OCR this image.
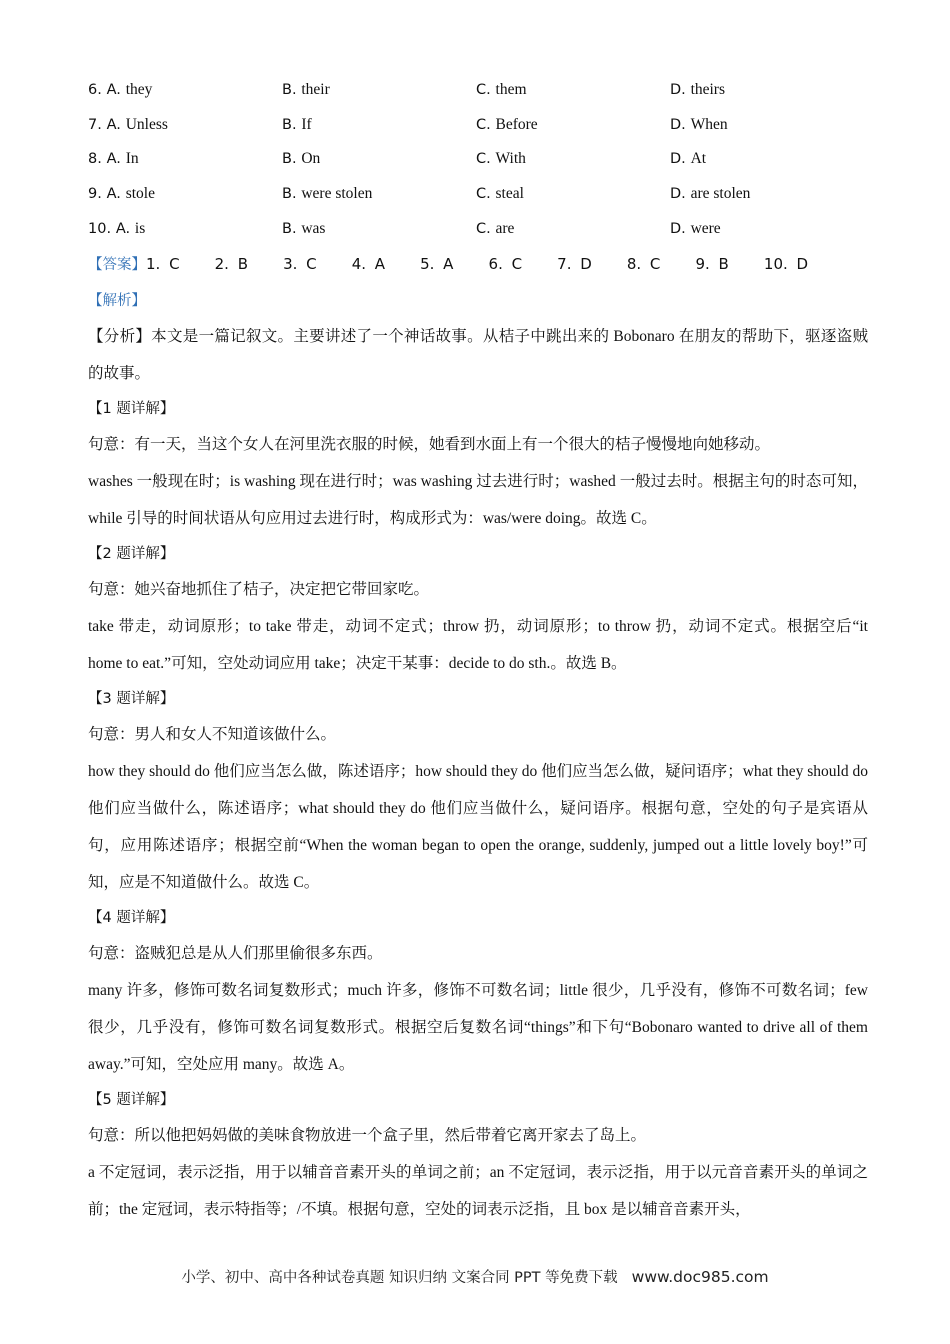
6. A. they	B. their	C. them	D. theirs
7. A. Unless	B. If	C. Before	D. When
8. A. In	B. On	C. With	D. At
9. A. stole	B. were stolen	C. steal	D. are stolen
10. A. is	B. was	C. are	D. were
【答案】 1. C    2. B    3. C    4. A    5. A    6. C    7. D    8. C    9. B    10. D
【解析】

【分析】本文是一篇记叙文。主要讲述了一个神话故事。从桔子中跳出来的 Bobonaro 在朋友的帮助下，驱逐盗贼的故事。

【1 题详解】

句意：有一天，当这个女人在河里洗衣服的时候，她看到水面上有一个很大的桔子慢慢地向她移动。

washes 一般现在时；is washing 现在进行时；was washing 过去进行时；washed 一般过去时。根据主句的时态可知，while 引导的时间状语从句应用过去进行时，构成形式为：was/were doing。故选 C。

【2 题详解】

句意：她兴奋地抓住了桔子，决定把它带回家吃。

take 带走，动词原形；to take 带走，动词不定式；throw 扔，动词原形；to throw 扔，动词不定式。根据空后“it home to eat.”可知，空处动词应用 take；决定干某事：decide to do sth.。故选 B。

【3 题详解】

句意：男人和女人不知道该做什么。

how they should do 他们应当怎么做，陈述语序；how should they do 他们应当怎么做，疑问语序；what they should do 他们应当做什么，陈述语序；what should they do 他们应当做什么，疑问语序。根据句意，空处的句子是宾语从句，应用陈述语序；根据空前“When the woman began to open the orange, suddenly, jumped out a little lovely boy!”可知，应是不知道做什么。故选 C。

【4 题详解】

句意：盗贼犯总是从人们那里偷很多东西。

many 许多，修饰可数名词复数形式；much 许多，修饰不可数名词；little 很少，几乎没有，修饰不可数名词；few 很少，几乎没有，修饰可数名词复数形式。根据空后复数名词“things”和下句“Bobonaro wanted to drive all of them away.”可知，空处应用 many。故选 A。

【5 题详解】

句意：所以他把妈妈做的美味食物放进一个盒子里，然后带着它离开家去了岛上。

a 不定冠词，表示泛指，用于以辅音音素开头的单词之前；an 不定冠词，表示泛指，用于以元音音素开头的单词之前；the 定冠词，表示特指等；/不填。根据句意，空处的词表示泛指，且 box 是以辅音音素开头，

小学、初中、高中各种试卷真题 知识归纳 文案合同 PPT 等免费下载 www.doc985.com
